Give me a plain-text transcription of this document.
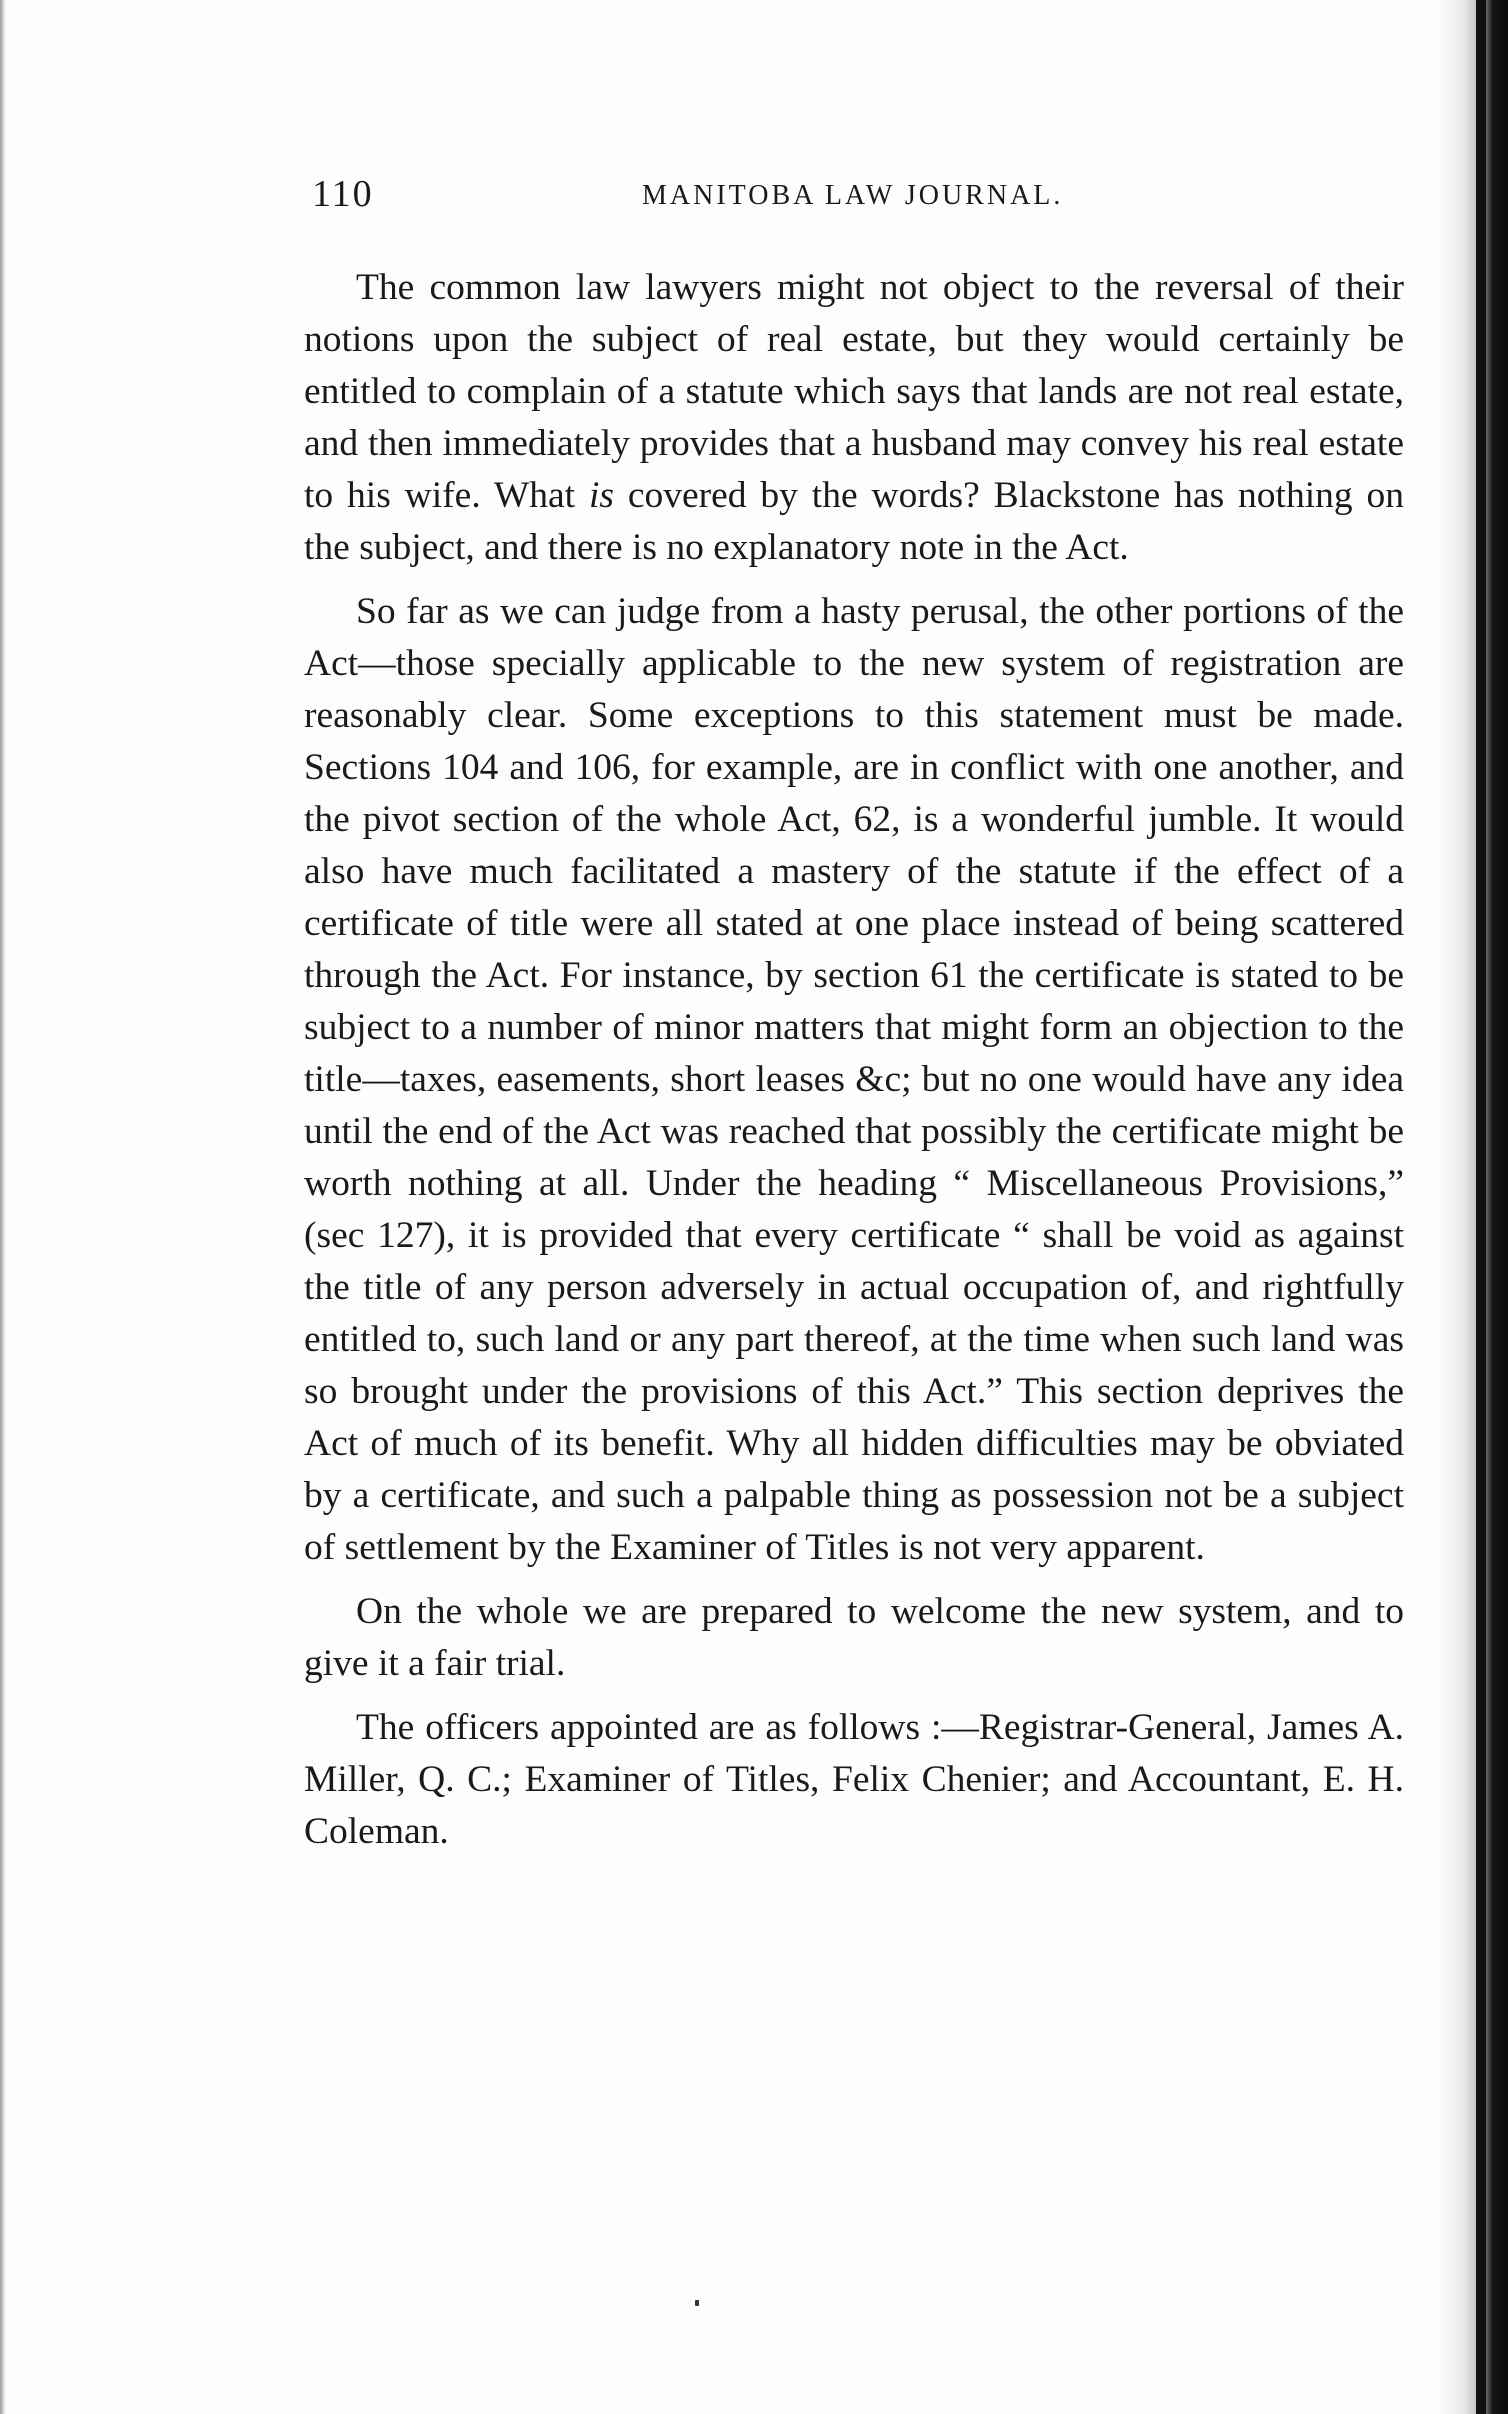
110	MANITOBA LAW JOURNAL.

The common law lawyers might not object to the reversal of their notions upon the subject of real estate, but they would certainly be entitled to complain of a statute which says that lands are not real estate, and then immediately provides that a husband may convey his real estate to his wife. What is covered by the words? Blackstone has nothing on the subject, and there is no explanatory note in the Act.

So far as we can judge from a hasty perusal, the other portions of the Act—those specially applicable to the new system of registration are reasonably clear. Some exceptions to this statement must be made. Sections 104 and 106, for example, are in conflict with one another, and the pivot section of the whole Act, 62, is a wonderful jumble. It would also have much facilitated a mastery of the statute if the effect of a certificate of title were all stated at one place instead of being scattered through the Act. For instance, by section 61 the certificate is stated to be subject to a number of minor matters that might form an objection to the title—taxes, easements, short leases &c; but no one would have any idea until the end of the Act was reached that possibly the certificate might be worth nothing at all. Under the heading “ Miscellaneous Provisions,” (sec 127), it is provided that every certificate “ shall be void as against the title of any person adversely in actual occupation of, and rightfully entitled to, such land or any part thereof, at the time when such land was so brought under the provisions of this Act.” This section deprives the Act of much of its benefit. Why all hidden difficulties may be obviated by a certificate, and such a palpable thing as possession not be a subject of settlement by the Examiner of Titles is not very apparent.

On the whole we are prepared to welcome the new system, and to give it a fair trial.

The officers appointed are as follows :—Registrar-General, James A. Miller, Q. C.; Examiner of Titles, Felix Chenier; and Accountant, E. H. Coleman.
